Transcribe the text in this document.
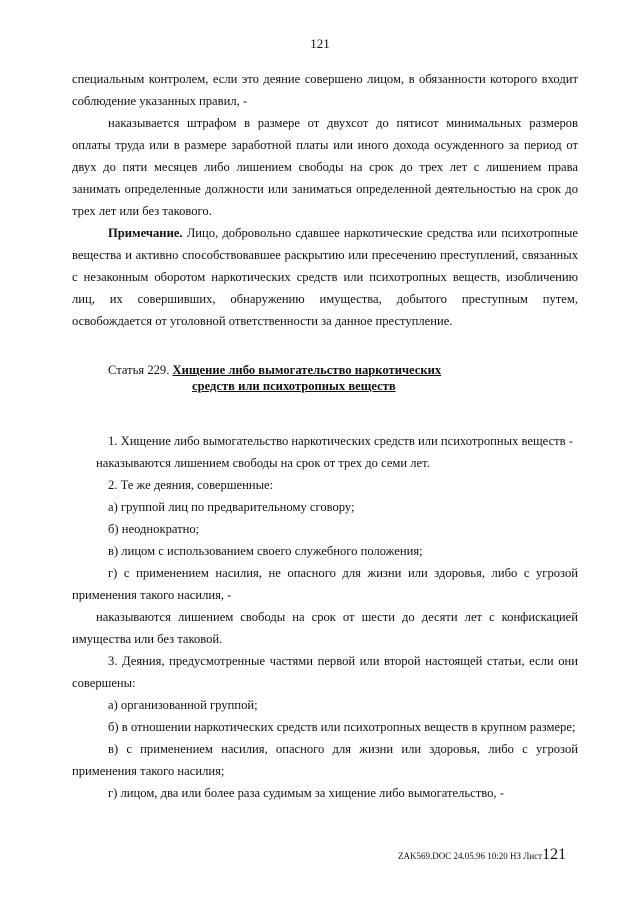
121

специальным контролем, если это деяние совершено лицом, в обязанности которого входит соблюдение указанных правил, -

наказывается штрафом в размере от двухсот до пятисот минимальных размеров оплаты труда или в размере заработной платы или иного дохода осужденного за период от двух до пяти месяцев либо лишением свободы на срок до трех лет с лишением права занимать определенные должности или заниматься определенной деятельностью на срок до трех лет или без такового.

Примечание. Лицо, добровольно сдавшее наркотические средства или психотропные вещества и активно способствовавшее раскрытию или пресечению преступлений, связанных с незаконным оборотом наркотических средств или психотропных веществ, изобличению лиц, их совершивших, обнаружению имущества, добытого преступным путем, освобождается от уголовной ответственности за данное преступление.

Статья 229. Хищение либо вымогательство наркотических
средств или психотропных веществ

1. Хищение либо вымогательство наркотических средств или психотропных веществ -

наказываются лишением свободы на срок от трех до семи лет.

2. Те же деяния, совершенные:

а) группой лиц по предварительному сговору;

б) неоднократно;

в) лицом с использованием своего служебного положения;

г) с применением насилия, не опасного для жизни или здоровья, либо с угрозой применения такого насилия, -

наказываются лишением свободы на срок от шести до десяти лет с конфискацией имущества или без таковой.

3. Деяния, предусмотренные частями первой или второй настоящей статьи, если они совершены:

а) организованной группой;

б) в отношении наркотических средств или психотропных веществ в крупном размере;

в) с применением насилия, опасного для жизни или здоровья, либо с угрозой применения такого насилия;

г) лицом, два или более раза судимым за хищение либо вымогательство, -

ZAK569.DOC 24.05.96 10:20 НЗ Лист121
